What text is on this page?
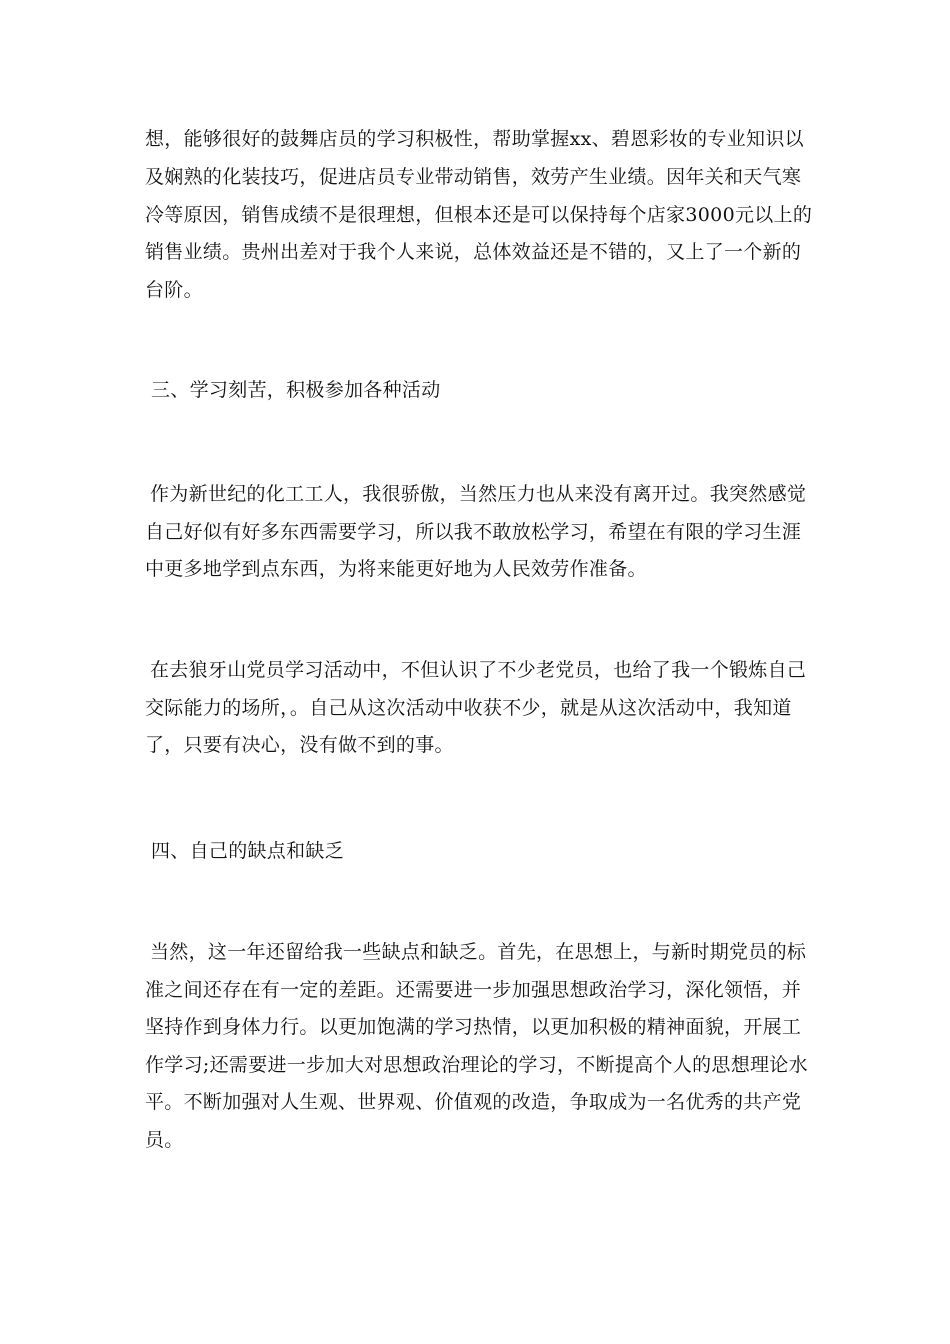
想，能够很好的鼓舞店员的学习积极性，帮助掌握xx、碧恩彩妆的专业知识以
及娴熟的化装技巧，促进店员专业带动销售，效劳产生业绩。因年关和天气寒
冷等原因，销售成绩不是很理想，但根本还是可以保持每个店家3000元以上的
销售业绩。贵州出差对于我个人来说，总体效益还是不错的，又上了一个新的
台阶。
三、学习刻苦，积极参加各种活动
作为新世纪的化工工人，我很骄傲，当然压力也从来没有离开过。我突然感觉
自己好似有好多东西需要学习，所以我不敢放松学习，希望在有限的学习生涯
中更多地学到点东西，为将来能更好地为人民效劳作准备。
在去狼牙山党员学习活动中，不但认识了不少老党员，也给了我一个锻炼自己
交际能力的场所，。自己从这次活动中收获不少，就是从这次活动中，我知道
了，只要有决心，没有做不到的事。
四、自己的缺点和缺乏
当然，这一年还留给我一些缺点和缺乏。首先，在思想上，与新时期党员的标
准之间还存在有一定的差距。还需要进一步加强思想政治学习，深化领悟，并
坚持作到身体力行。以更加饱满的学习热情，以更加积极的精神面貌，开展工
作学习;还需要进一步加大对思想政治理论的学习，不断提高个人的思想理论水
平。不断加强对人生观、世界观、价值观的改造，争取成为一名优秀的共产党
员。
